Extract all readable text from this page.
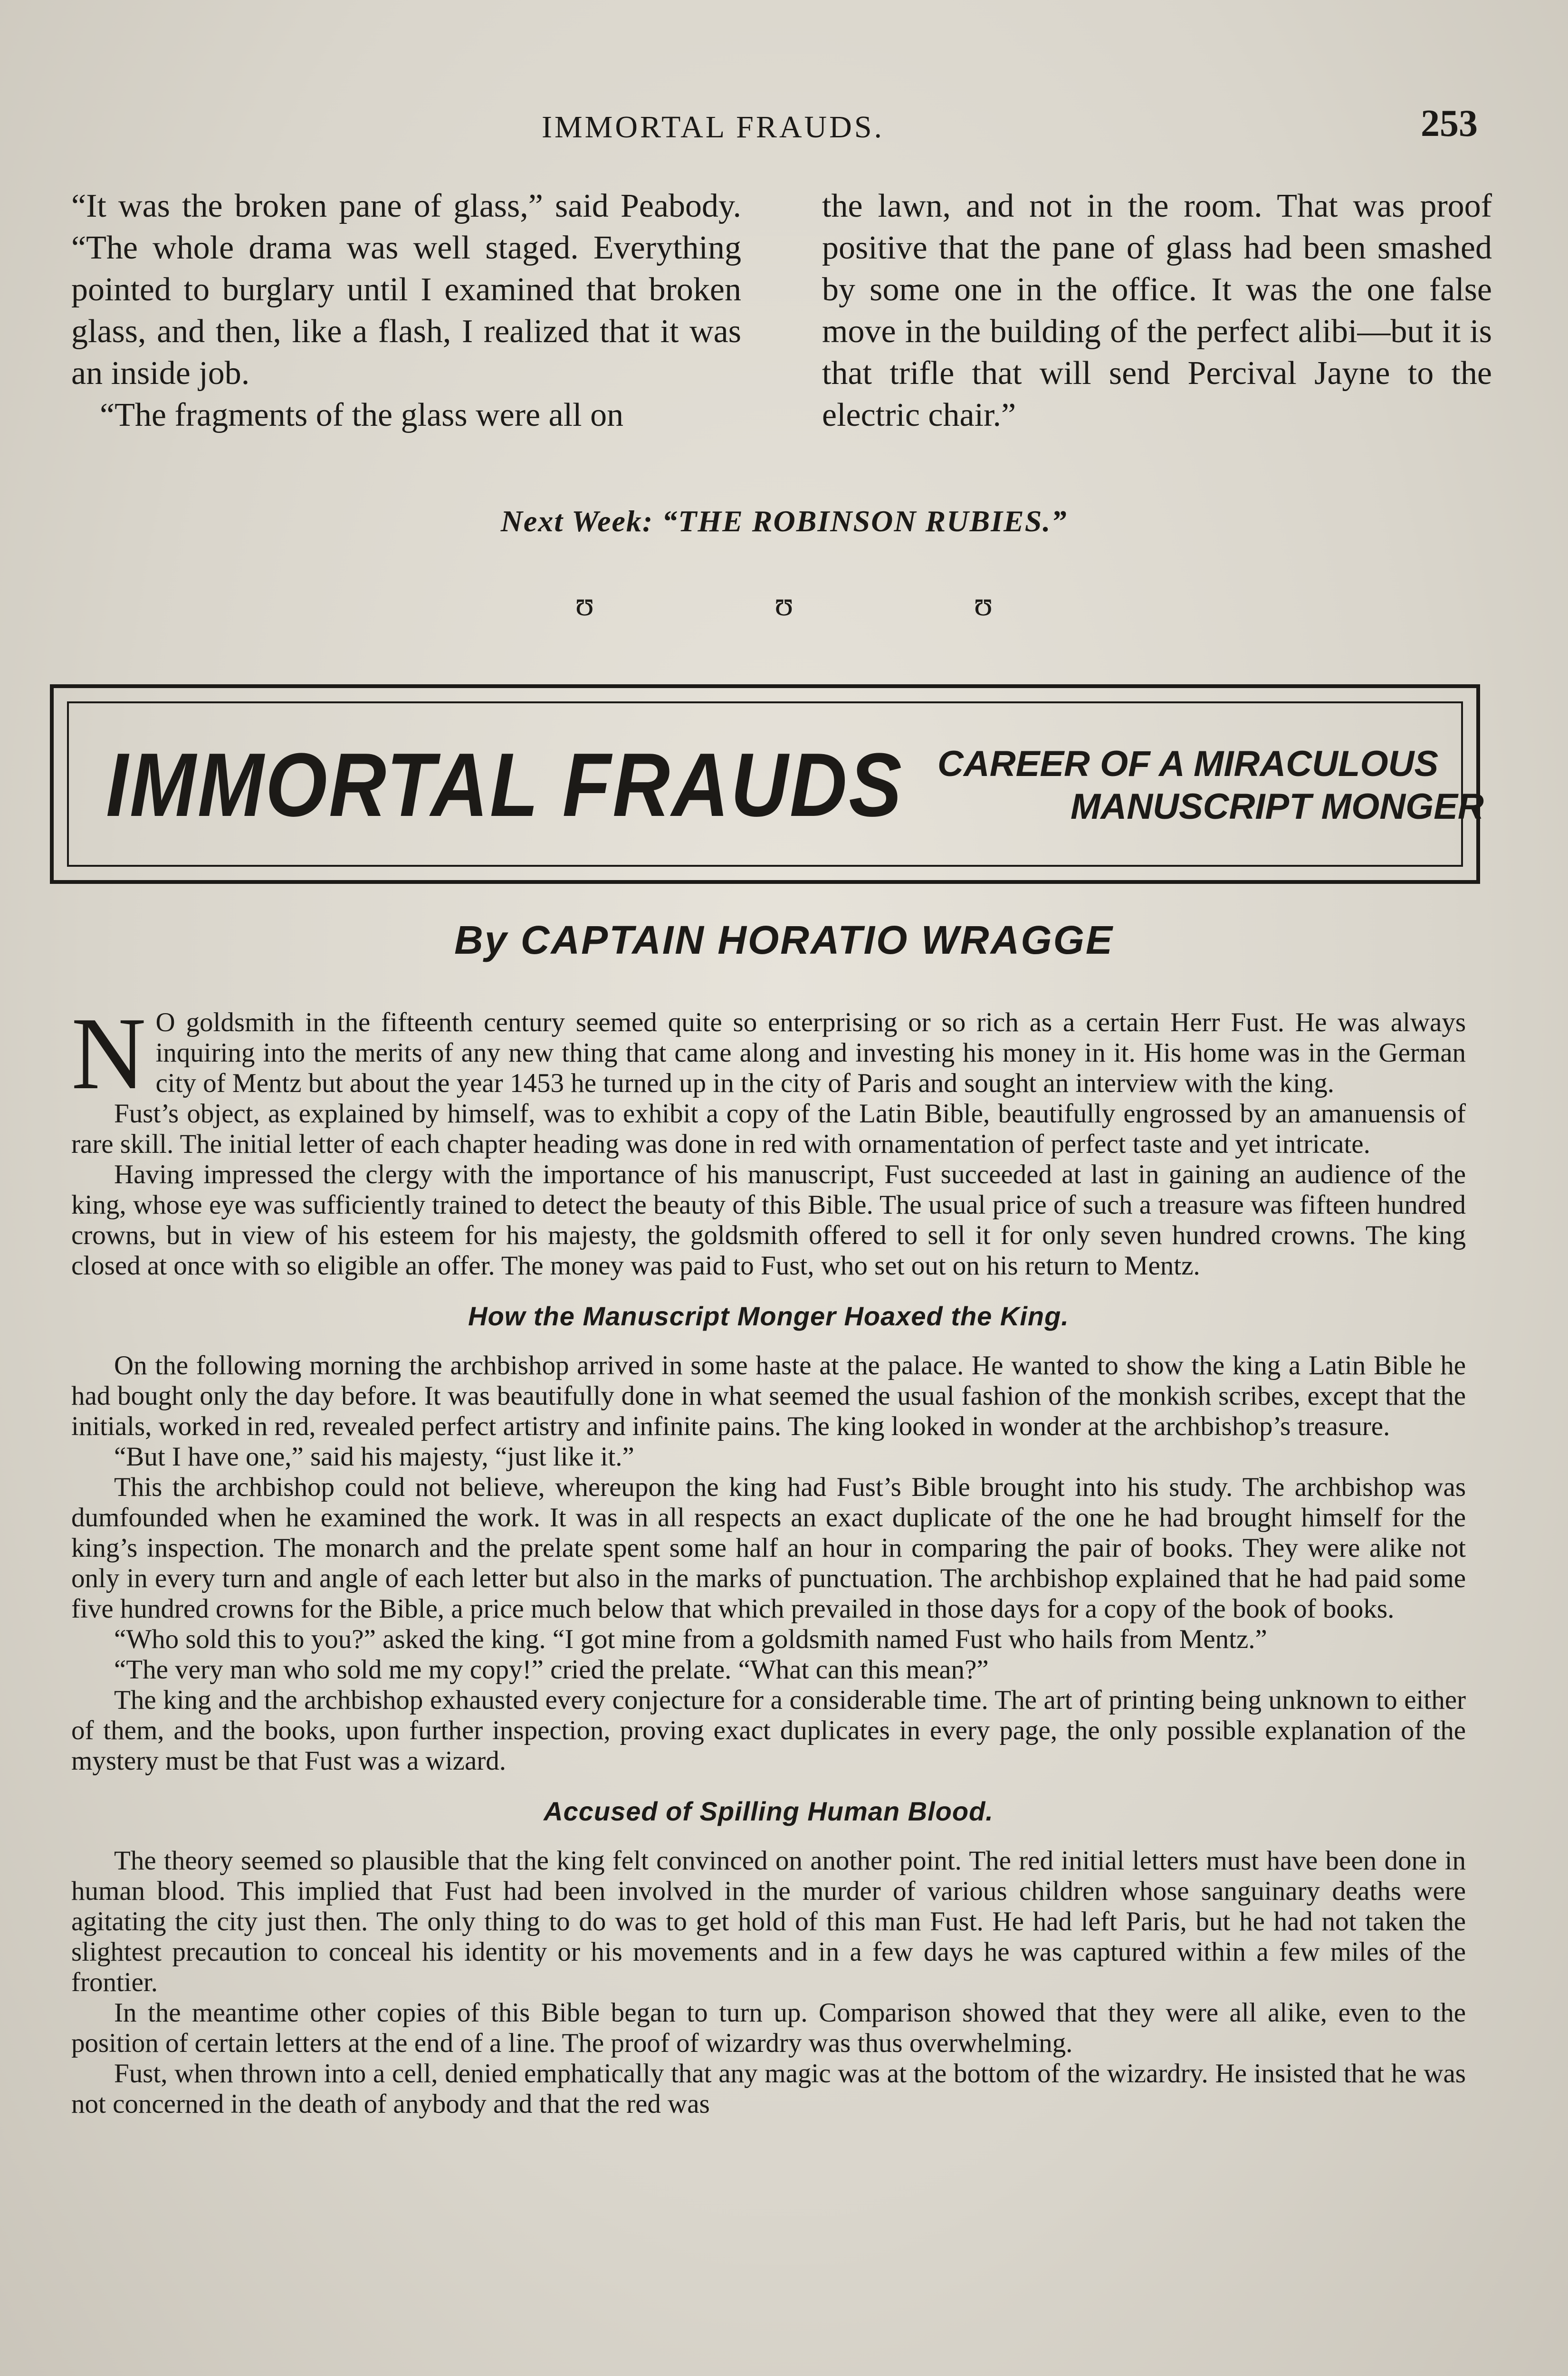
IMMORTAL FRAUDS.	253

“It was the broken pane of glass,” said Peabody. “The whole drama was well staged. Everything pointed to burglary until I examined that broken glass, and then, like a flash, I realized that it was an inside job.

“The fragments of the glass were all on

the lawn, and not in the room. That was proof positive that the pane of glass had been smashed by some one in the office. It was the one false move in the building of the perfect alibi—but it is that trifle that will send Percival Jayne to the electric chair.”

Next Week: “THE ROBINSON RUBIES.”
ʊ	ʊ	ʊ
IMMORTAL FRAUDS CAREER OF A MIRACULOUS
MANUSCRIPT MONGER
By CAPTAIN HORATIO WRAGGE

N O goldsmith in the fifteenth century seemed quite so enterprising or so rich as a certain Herr Fust. He was always inquiring into the merits of any new thing that came along and investing his money in it. His home was in the German city of Mentz but about the year 1453 he turned up in the city of Paris and sought an interview with the king.

Fust’s object, as explained by himself, was to exhibit a copy of the Latin Bible, beautifully engrossed by an amanuensis of rare skill. The initial letter of each chapter heading was done in red with ornamentation of perfect taste and yet intricate.

Having impressed the clergy with the importance of his manuscript, Fust succeeded at last in gaining an audience of the king, whose eye was sufficiently trained to detect the beauty of this Bible. The usual price of such a treasure was fifteen hundred crowns, but in view of his esteem for his majesty, the goldsmith offered to sell it for only seven hundred crowns. The king closed at once with so eligible an offer. The money was paid to Fust, who set out on his return to Mentz.

How the Manuscript Monger Hoaxed the King.

On the following morning the archbishop arrived in some haste at the palace. He wanted to show the king a Latin Bible he had bought only the day before. It was beautifully done in what seemed the usual fashion of the monkish scribes, except that the initials, worked in red, revealed perfect artistry and infinite pains. The king looked in wonder at the archbishop’s treasure.

“But I have one,” said his majesty, “just like it.”

This the archbishop could not believe, whereupon the king had Fust’s Bible brought into his study. The archbishop was dumfounded when he examined the work. It was in all respects an exact duplicate of the one he had brought himself for the king’s inspection. The monarch and the prelate spent some half an hour in comparing the pair of books. They were alike not only in every turn and angle of each letter but also in the marks of punctuation. The archbishop explained that he had paid some five hundred crowns for the Bible, a price much below that which prevailed in those days for a copy of the book of books.

“Who sold this to you?” asked the king. “I got mine from a goldsmith named Fust who hails from Mentz.”

“The very man who sold me my copy!” cried the prelate. “What can this mean?”

The king and the archbishop exhausted every conjecture for a considerable time. The art of printing being unknown to either of them, and the books, upon further inspection, proving exact duplicates in every page, the only possible explanation of the mystery must be that Fust was a wizard.

Accused of Spilling Human Blood.

The theory seemed so plausible that the king felt convinced on another point. The red initial letters must have been done in human blood. This implied that Fust had been involved in the murder of various children whose sanguinary deaths were agitating the city just then. The only thing to do was to get hold of this man Fust. He had left Paris, but he had not taken the slightest precaution to conceal his identity or his movements and in a few days he was captured within a few miles of the frontier.

In the meantime other copies of this Bible began to turn up. Comparison showed that they were all alike, even to the position of certain letters at the end of a line. The proof of wizardry was thus overwhelming.

Fust, when thrown into a cell, denied emphatically that any magic was at the bottom of the wizardry. He insisted that he was not concerned in the death of anybody and that the red was
